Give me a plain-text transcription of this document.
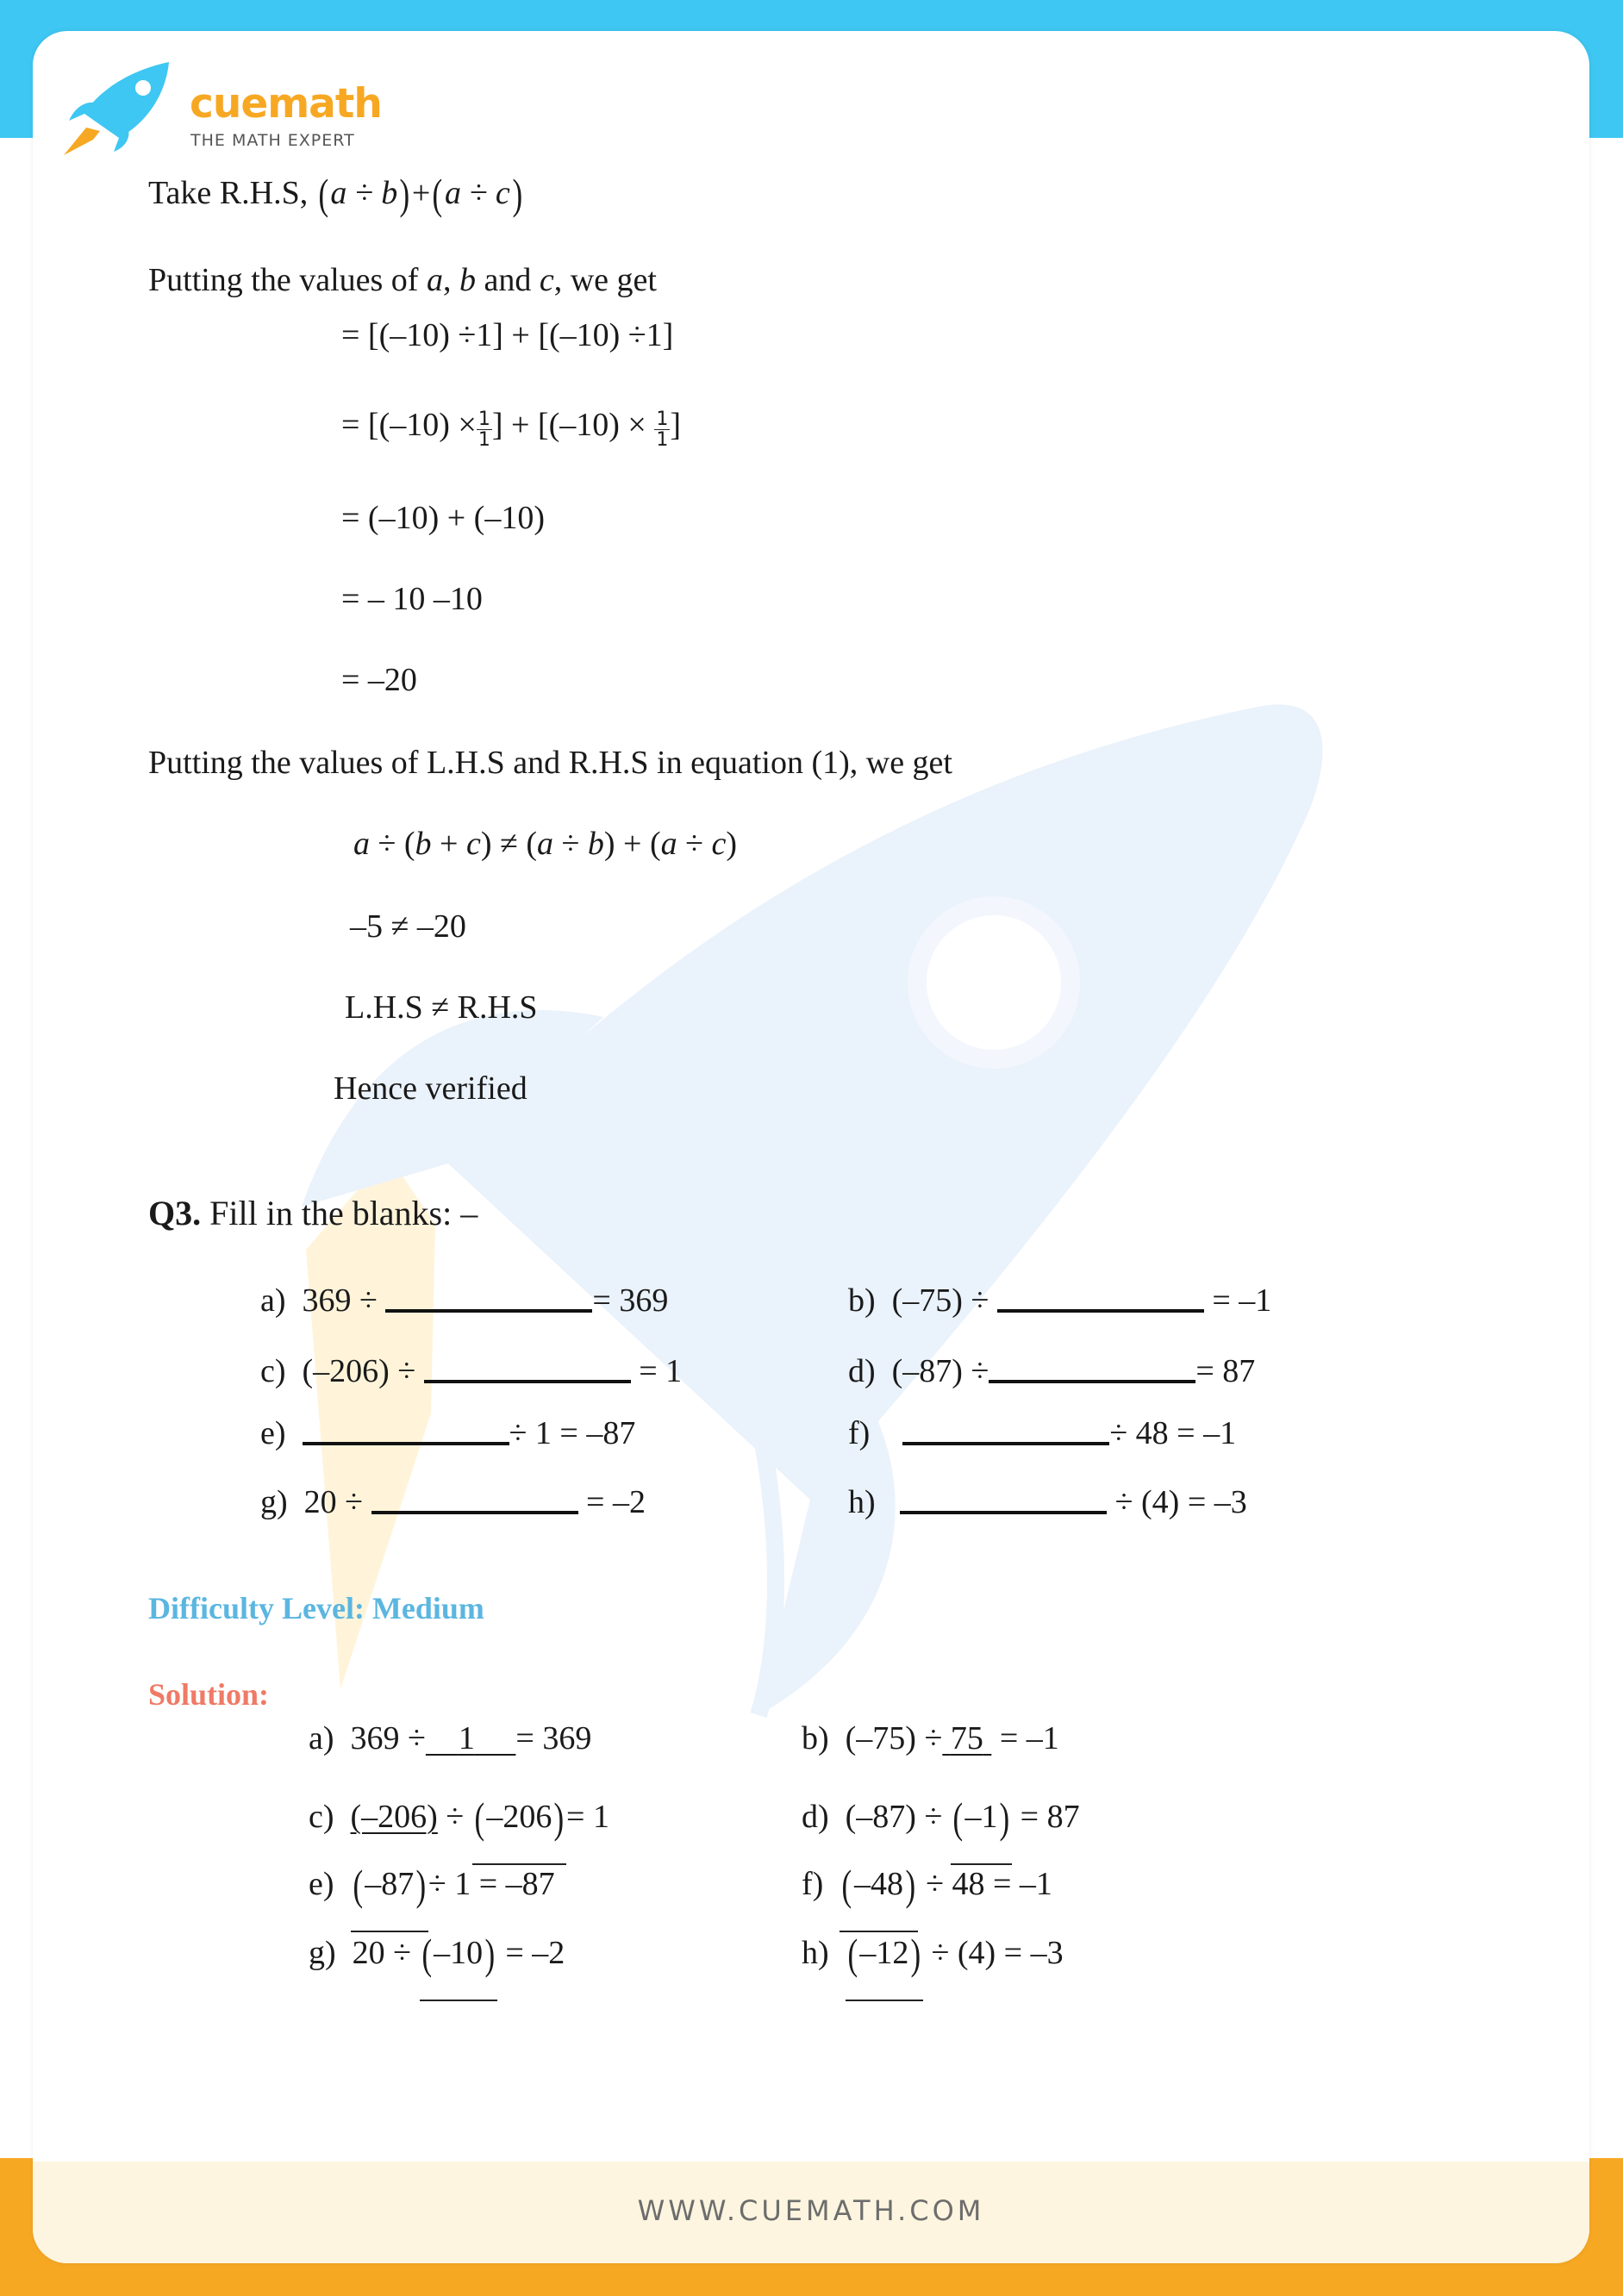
WWW.CUEMATH.COM
cuemath
THE MATH EXPERT
Take R.H.S, (a ÷ b)+(a ÷ c)
Putting the values of a, b and c, we get
= [(–10) ÷1] + [(–10) ÷1]
= [$(-10) \times \frac{1}{1}$ ] + [$(-10) \times \frac{1}{1}$ ]
= (–10) + (–10)
= – 10 –10
= –20
Putting the values of L.H.S and R.H.S in equation (1), we get
a ÷ (b + c) ≠ (a ÷ b) + (a ÷ c)
–5 ≠ –20
L.H.S ≠ R.H.S
Hence verified
Q3. Fill in the blanks: –
a) 369 ÷	= 369	b) (–75) ÷	= –1
c) (–206) ÷	= 1	d) (–87) ÷	= 87
e)	÷ 1 = –87	f)	÷ 48 = –1
g) 20 ÷	= –2	h)	÷ (4) = –3
Difficulty Level: Medium
Solution:
a) 369 ÷ 1 = 369	b) (–75) ÷ 75  = –1
c) (–206) ÷ (–206)
= 1	d) (–87) ÷ (–1)
= 87
e) (–87)
÷ 1 = –87	f) (–48)
÷ 48 = –1
g) 20 ÷ (–10)
= –2	h) (–12)
÷ (4) = –3
